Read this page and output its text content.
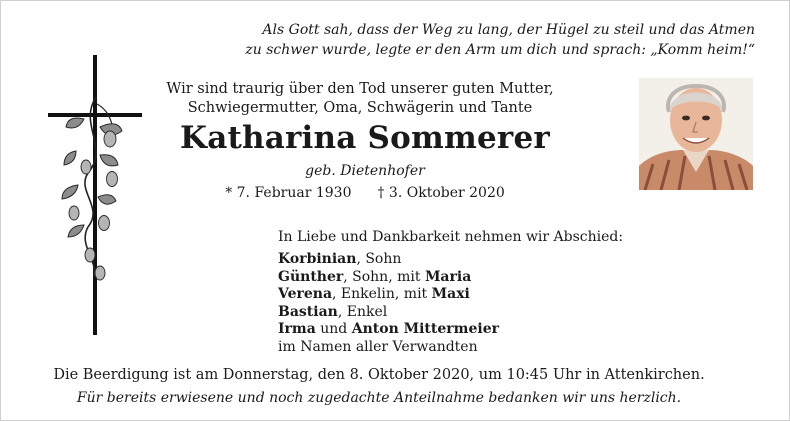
Als Gott sah, dass der Weg zu lang, der Hügel zu steil und das Atmen
zu schwer wurde, legte er den Arm um dich und sprach: „Komm heim!“
Wir sind traurig über den Tod unserer guten Mutter,
Schwiegermutter, Oma, Schwägerin und Tante
Katharina Sommerer
geb. Dietenhofer
* 7. Februar 1930 † 3. Oktober 2020
In Liebe und Dankbarkeit nehmen wir Abschied:
Korbinian, Sohn
Günther, Sohn, mit Maria
Verena, Enkelin, mit Maxi
Bastian, Enkel
Irma und Anton Mittermeier
im Namen aller Verwandten
Die Beerdigung ist am Donnerstag, den 8. Oktober 2020, um 10:45 Uhr in Attenkirchen.
Für bereits erwiesene und noch zugedachte Anteilnahme bedanken wir uns herzlich.
